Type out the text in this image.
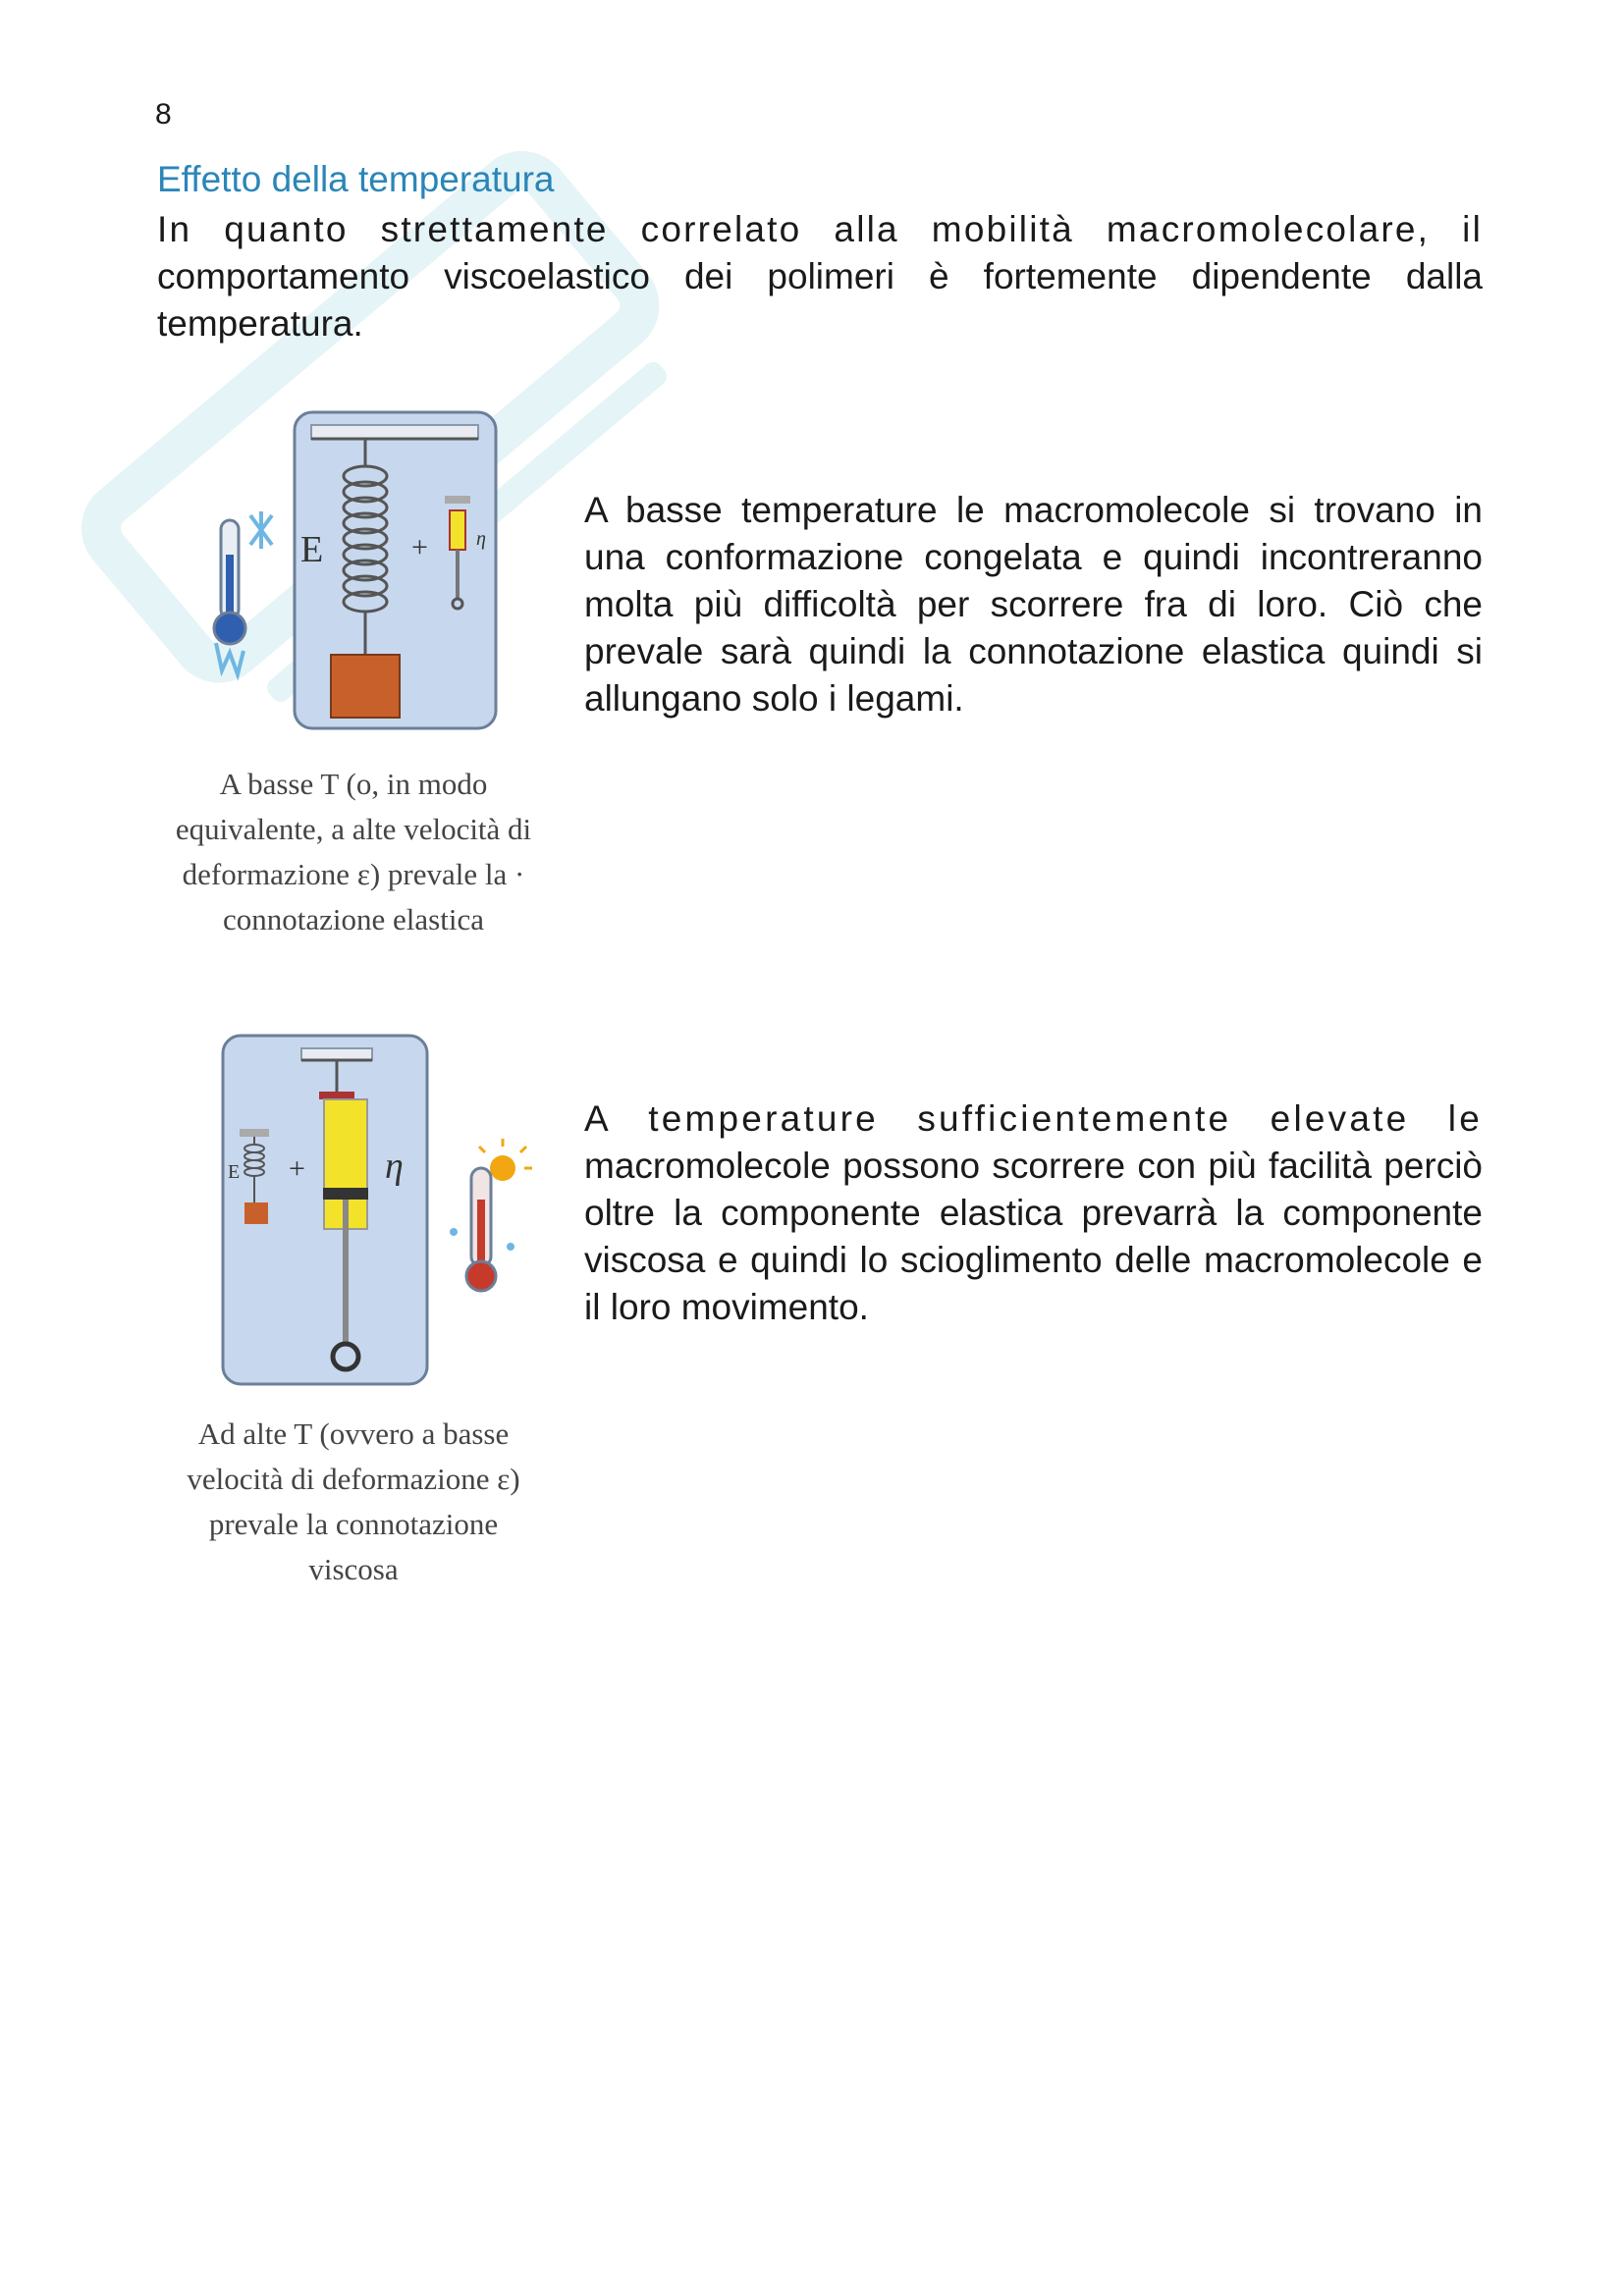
8
Effetto della temperatura
In quanto strettamente correlato alla mobilità macromolecolare, il
comportamento viscoelastico dei polimeri è fortemente dipendente dalla
temperatura.
E	+ η
A basse T (o, in modo
equivalente, a alte velocità di
deformazione ε) prevale la ·
connotazione elastica

A basse temperature le macromolecole si trovano in una conformazione congelata e quindi incontreranno molta più difficoltà per scorrere fra di loro. Ciò che prevale sarà quindi la connotazione elastica quindi si allungano solo i legami.

E + η
Ad alte T (ovvero a basse
velocità di deformazione ε)
prevale la connotazione
viscosa
A temperature sufficientemente elevate le
macromolecole possono scorrere con più facilità perciò oltre la componente elastica prevarrà la componente viscosa e quindi lo scioglimento delle macromolecole e il loro movimento.
